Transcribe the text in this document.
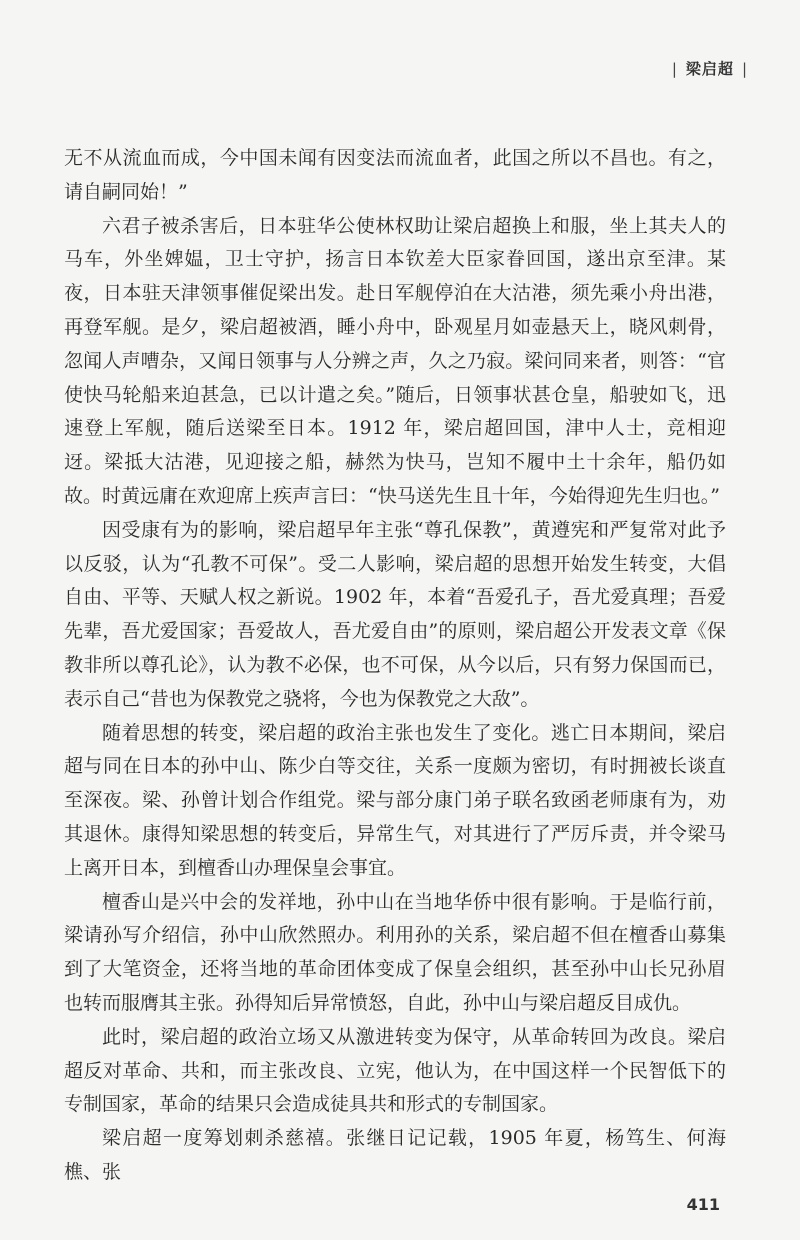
| 梁启超 |

无不从流血而成，今中国未闻有因变法而流血者，此国之所以不昌也。有之，请自嗣同始！”

六君子被杀害后，日本驻华公使林权助让梁启超换上和服，坐上其夫人的马车，外坐婢媪，卫士守护，扬言日本钦差大臣家眷回国，遂出京至津。某夜，日本驻天津领事催促梁出发。赴日军舰停泊在大沽港，须先乘小舟出港，再登军舰。是夕，梁启超被酒，睡小舟中，卧观星月如壶悬天上，晓风刺骨，忽闻人声嘈杂，又闻日领事与人分辨之声，久之乃寂。梁问同来者，则答：“官使快马轮船来迫甚急，已以计遣之矣。”随后，日领事状甚仓皇，船驶如飞，迅速登上军舰，随后送梁至日本。1912 年，梁启超回国，津中人士，竞相迎迓。梁抵大沽港，见迎接之船，赫然为快马，岂知不履中土十余年，船仍如故。时黄远庸在欢迎席上疾声言曰：“快马送先生且十年，今始得迎先生归也。”

因受康有为的影响，梁启超早年主张“尊孔保教”，黄遵宪和严复常对此予以反驳，认为“孔教不可保”。受二人影响，梁启超的思想开始发生转变，大倡自由、平等、天赋人权之新说。1902 年，本着“吾爱孔子，吾尤爱真理；吾爱先辈，吾尤爱国家；吾爱故人，吾尤爱自由”的原则，梁启超公开发表文章《保教非所以尊孔论》，认为教不必保，也不可保，从今以后，只有努力保国而已，表示自己“昔也为保教党之骁将，今也为保教党之大敌”。

随着思想的转变，梁启超的政治主张也发生了变化。逃亡日本期间，梁启超与同在日本的孙中山、陈少白等交往，关系一度颇为密切，有时拥被长谈直至深夜。梁、孙曾计划合作组党。梁与部分康门弟子联名致函老师康有为，劝其退休。康得知梁思想的转变后，异常生气，对其进行了严厉斥责，并令梁马上离开日本，到檀香山办理保皇会事宜。

檀香山是兴中会的发祥地，孙中山在当地华侨中很有影响。于是临行前，梁请孙写介绍信，孙中山欣然照办。利用孙的关系，梁启超不但在檀香山募集到了大笔资金，还将当地的革命团体变成了保皇会组织，甚至孙中山长兄孙眉也转而服膺其主张。孙得知后异常愤怒，自此，孙中山与梁启超反目成仇。

此时，梁启超的政治立场又从激进转变为保守，从革命转回为改良。梁启超反对革命、共和，而主张改良、立宪，他认为，在中国这样一个民智低下的专制国家，革命的结果只会造成徒具共和形式的专制国家。

梁启超一度筹划刺杀慈禧。张继日记记载，1905 年夏，杨笃生、何海樵、张

411
